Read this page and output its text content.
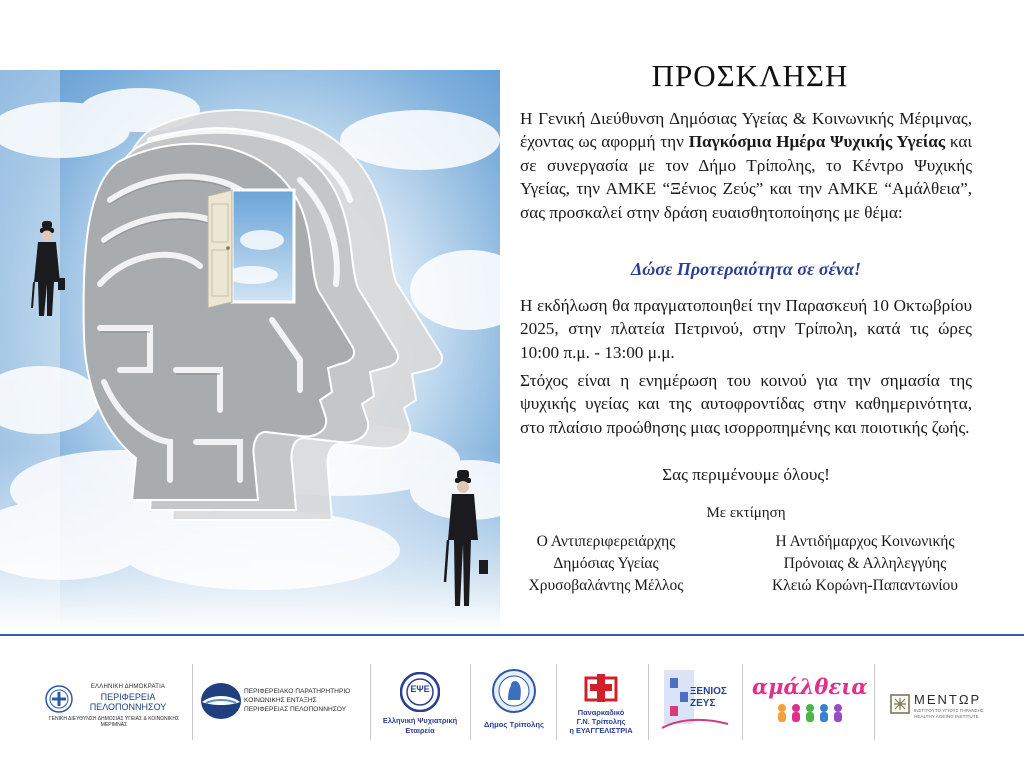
ΠΡΟΣΚΛΗΣΗ
Η Γενική Διεύθυνση Δημόσιας Υγείας & Κοινωνικής Μέριμνας, έχοντας ως αφορμή την Παγκόσμια Ημέρα Ψυχικής Υγείας και σε συνεργασία με τον Δήμο Τρίπολης, το Κέντρο Ψυχικής Υγείας, την ΑΜΚΕ “Ξένιος Ζεύς” και την ΑΜΚΕ “Αμάλθεια”, σας προσκαλεί στην δράση ευαισθητοποίησης με θέμα:
Δώσε Προτεραιότητα σε σένα!
Η εκδήλωση θα πραγματοποιηθεί την Παρασκευή 10 Οκτωβρίου 2025, στην πλατεία Πετρινού, στην Τρίπολη, κατά τις ώρες 10:00 π.μ. - 13:00 μ.μ.
Στόχος είναι η ενημέρωση του κοινού για την σημασία της ψυχικής υγείας και της αυτοφροντίδας στην καθημερινότητα, στο πλαίσιο προώθησης μιας ισορροπημένης και ποιοτικής ζωής.
Σας περιμένουμε όλους!
Με εκτίμηση
Ο Αντιπεριφερειάρχης
Δημόσιας Υγείας
Χρυσοβαλάντης Μέλλος
Η Αντιδήμαρχος Κοινωνικής
Πρόνοιας & Αλληλεγγύης
Κλειώ Κορώνη-Παπαντωνίου
ΕΛΛΗΝΙΚΗ ΔΗΜΟΚΡΑΤΙΑ
ΠΕΡΙΦΕΡΕΙΑ
ΠΕΛΟΠΟΝΝΗΣΟΥ
ΓΕΝΙΚΗ ΔΙΕΥΘΥΝΣΗ ΔΗΜΟΣΙΑΣ ΥΓΕΙΑΣ & ΚΟΙΝΩΝΙΚΗΣ ΜΕΡΙΜΝΑΣ
ΠΕΡΙΦΕΡΕΙΑΚΟ ΠΑΡΑΤΗΡΗΤΗΡΙΟ
ΚΟΙΝΩΝΙΚΗΣ ΕΝΤΑΞΗΣ
ΠΕΡΙΦΕΡΕΙΑΣ ΠΕΛΟΠΟΝΝΗΣΟΥ
ΕΨΕ
Ελληνική Ψυχιατρική
Εταιρεία
Δήμος Τρίπολης
Παναρκαδικό
Γ.Ν. Τρίπολης
η ΕΥΑΓΓΕΛΙΣΤΡΙΑ
ΞΕΝΙΟΣ
ΖΕΥΣ
αμάλθεια
MENTΩP
ΙΝΣΤΙΤΟΥΤΟ ΥΓΙΟΥΣ ΓΗΡΑΝΣΗΣ
HEALTHY AGEING INSTITUTE
